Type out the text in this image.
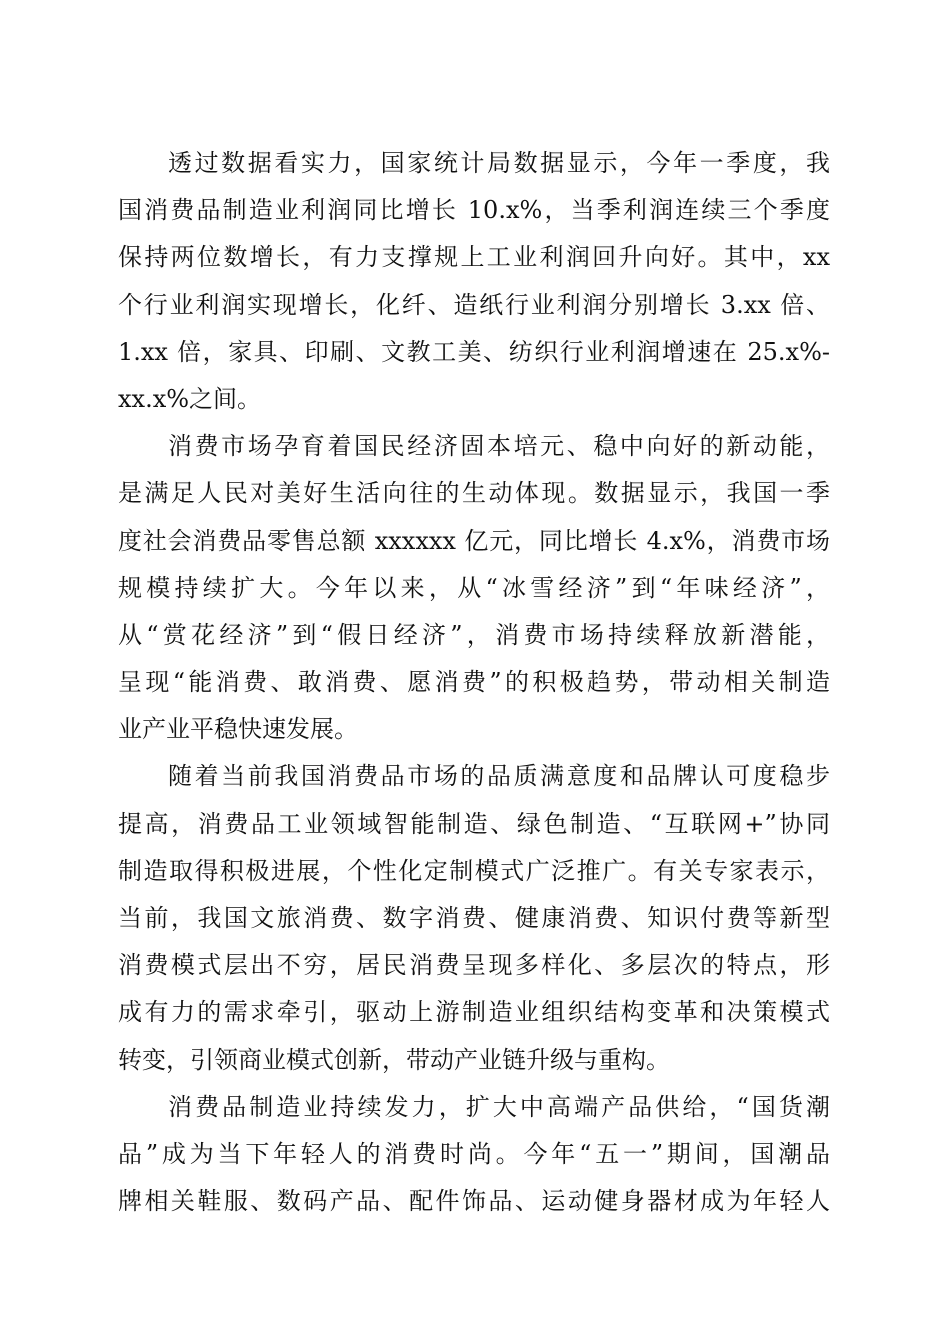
透过数据看实力，国家统计局数据显示，今年一季度，我
国消费品制造业利润同比增长 10.x%，当季利润连续三个季度
保持两位数增长，有力支撑规上工业利润回升向好。其中，xx
个行业利润实现增长，化纤、造纸行业利润分别增长 3.xx 倍、
1.xx 倍，家具、印刷、文教工美、纺织行业利润增速在 25.x%-
xx.x%之间。
消费市场孕育着国民经济固本培元、稳中向好的新动能，
是满足人民对美好生活向往的生动体现。数据显示，我国一季
度社会消费品零售总额 xxxxxx 亿元，同比增长 4.x%，消费市场
规模持续扩大。今年以来，从“冰雪经济”到“年味经济”，
从“赏花经济”到“假日经济”，消费市场持续释放新潜能，
呈现“能消费、敢消费、愿消费”的积极趋势，带动相关制造
业产业平稳快速发展。
随着当前我国消费品市场的品质满意度和品牌认可度稳步
提高，消费品工业领域智能制造、绿色制造、“互联网+”协同
制造取得积极进展，个性化定制模式广泛推广。有关专家表示，
当前，我国文旅消费、数字消费、健康消费、知识付费等新型
消费模式层出不穷，居民消费呈现多样化、多层次的特点，形
成有力的需求牵引，驱动上游制造业组织结构变革和决策模式
转变，引领商业模式创新，带动产业链升级与重构。
消费品制造业持续发力，扩大中高端产品供给，“国货潮
品”成为当下年轻人的消费时尚。今年“五一”期间，国潮品
牌相关鞋服、数码产品、配件饰品、运动健身器材成为年轻人
